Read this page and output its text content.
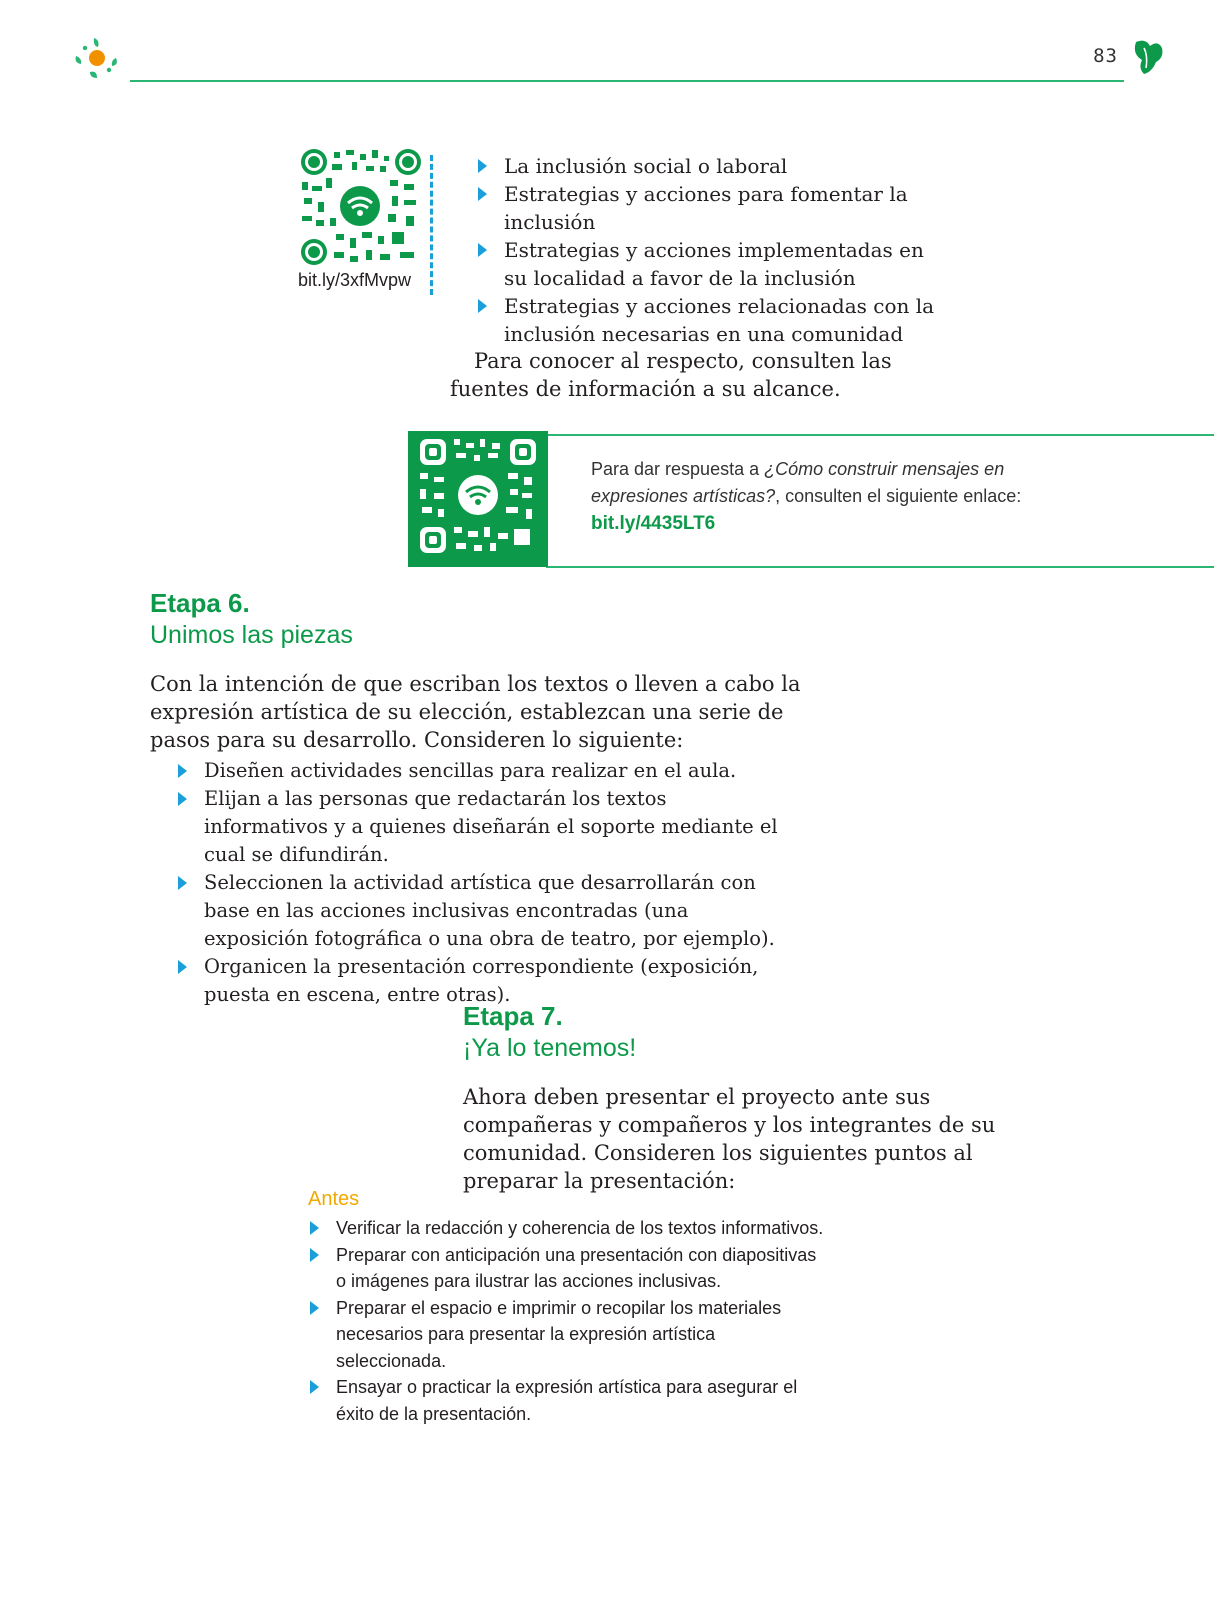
83
bit.ly/3xfMvpw
La inclusión social o laboral
Estrategias y acciones para fomentar la inclusión
Estrategias y acciones implementadas en su localidad a favor de la inclusión
Estrategias y acciones relacionadas con la inclusión necesarias en una comunidad
Para conocer al respecto, consulten las fuentes de información a su alcance.
Para dar respuesta a ¿Cómo construir mensajes en expresiones artísticas?, consulten el siguiente enlace:
bit.ly/4435LT6
Etapa 6.
Unimos las piezas
Con la intención de que escriban los textos o lleven a cabo la expresión artística de su elección, establezcan una serie de pasos para su desarrollo. Consideren lo siguiente:
Diseñen actividades sencillas para realizar en el aula.
Elijan a las personas que redactarán los textos informativos y a quienes diseñarán el soporte mediante el cual se difundirán.
Seleccionen la actividad artística que desarrollarán con base en las acciones inclusivas encontradas (una exposición fotográfica o una obra de teatro, por ejemplo).
Organicen la presentación correspondiente (exposición, puesta en escena, entre otras).
Etapa 7.
¡Ya lo tenemos!
Ahora deben presentar el proyecto ante sus compañeras y compañeros y los integrantes de su comunidad. Consideren los siguientes puntos al preparar la presentación:
Antes
Verificar la redacción y coherencia de los textos informativos.
Preparar con anticipación una presentación con diapositivas o imágenes para ilustrar las acciones inclusivas.
Preparar el espacio e imprimir o recopilar los materiales necesarios para presentar la expresión artística seleccionada.
Ensayar o practicar la expresión artística para asegurar el éxito de la presentación.
